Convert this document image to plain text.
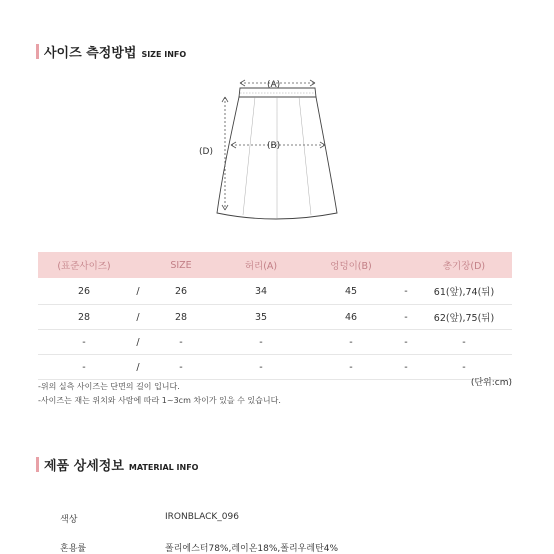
사이즈 측정방법 SIZE INFO
(A)
(B)
(D)
(표준사이즈)		SIZE	허리(A)	엉덩이(B)		총기장(D)
26	/	26	34	45	-	61(앞),74(뒤)
28	/	28	35	46	-	62(앞),75(뒤)
-	/	-	-	-	-	-
-	/	-	-	-	-	-
(단위:cm)
-위의 실측 사이즈는 단면의 길이 입니다.
-사이즈는 재는 위치와 사람에 따라 1~3cm 차이가 있을 수 있습니다.
제품 상세정보 MATERIAL INFO
색상	IRONBLACK_096
혼용률	폴리에스터78%,레이온18%,폴리우레탄4%
